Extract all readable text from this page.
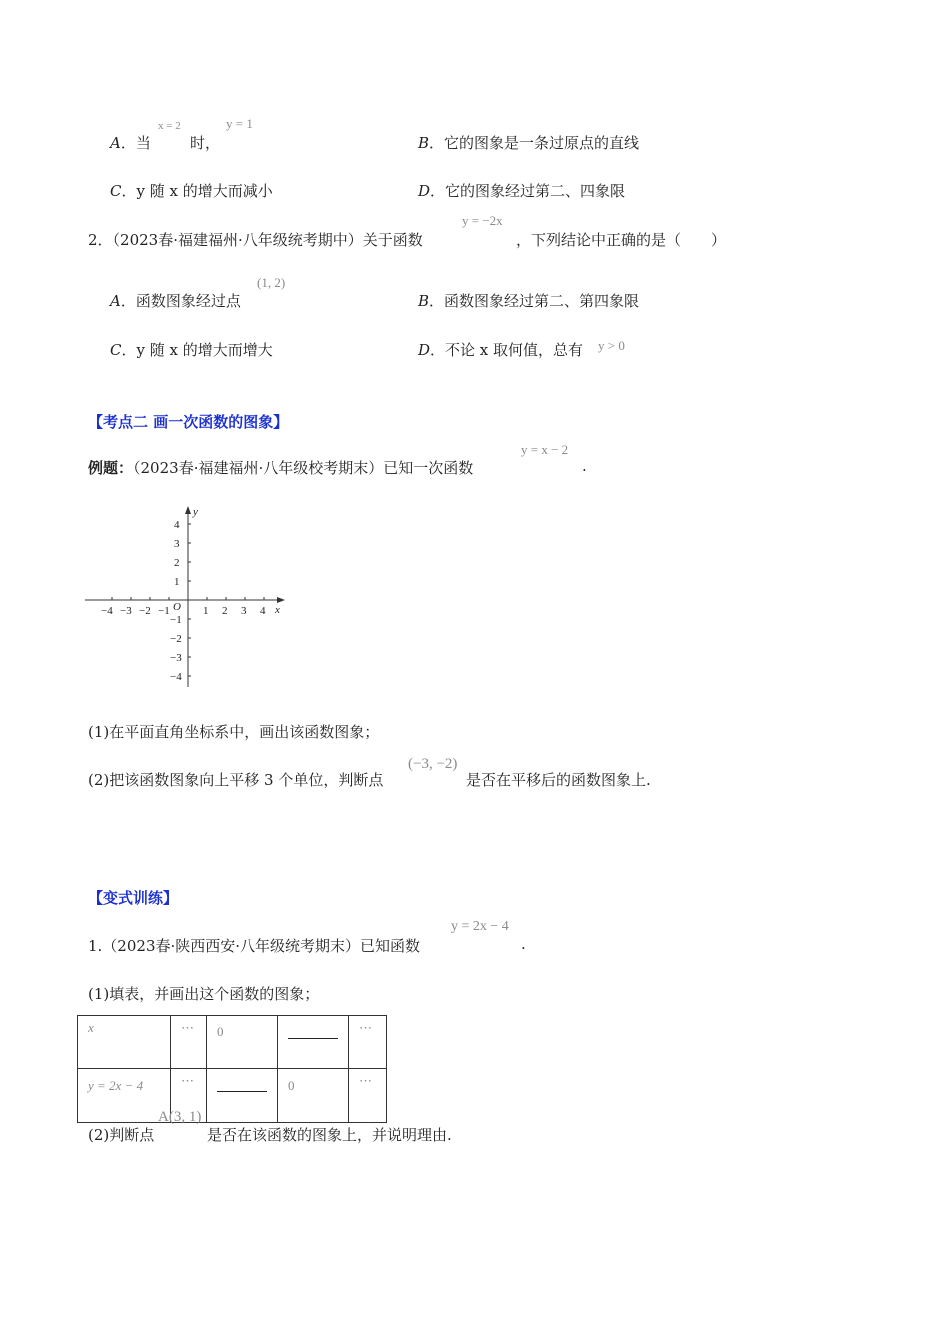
A．当
x = 2
时，
y = 1
B．它的图象是一条过原点的直线
C．y 随 x 的增大而减小	D．它的图象经过第二、四象限
2．（2023春·福建福州·八年级统考期中）关于函数
y = −2x
，下列结论中正确的是（　　）
A．函数图象经过点
(1, 2)
B．函数图象经过第二、第四象限
C．y 随 x 的增大而增大	D．不论 x 取何值，总有 y > 0
【考点二 画一次函数的图象】
例题：（2023春·福建福州·八年级校考期末）已知一次函数
y = x − 2
.
y
x
O
−4 −3 −2 −1	1 2 3 4
4
3
2
1
−1
−2
−3
−4
(1)在平面直角坐标系中，画出该函数图象；
(2)把该函数图象向上平移 3 个单位，判断点
(−3, −2)
是否在平移后的函数图象上.
【变式训练】
1.（2023春·陕西西安·八年级统考期末）已知函数
y = 2x − 4
.
(1)填表，并画出这个函数的图象；
x	⋯	0		⋯
y = 2x − 4	⋯		0	⋯
(2)判断点
A(3, 1)
是否在该函数的图象上，并说明理由.
